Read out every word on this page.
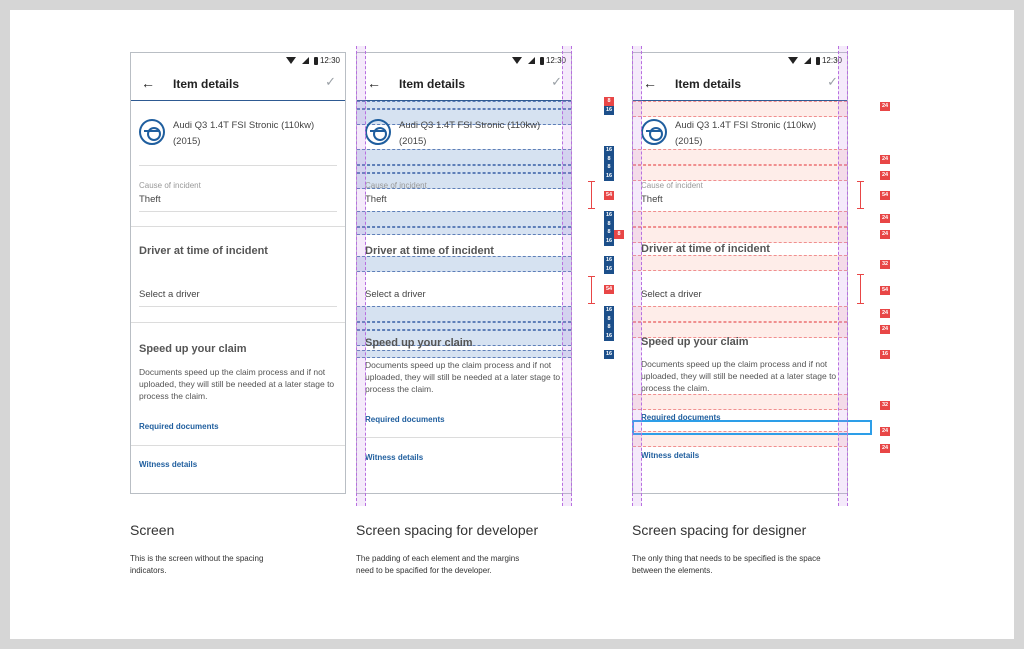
12:30
← Item details	✓
Audi Q3 1.4T FSI Stronic (110kw) (2015)
Cause of incident
Theft
Driver at time of incident
Select a driver
Speed up your claim
Documents speed up the claim process and if not uploaded, they will still be needed at a later stage to process the claim.
Required documents
Witness details
12:30
← Item details	✓
Audi Q3 1.4T FSI Stronic (110kw) (2015)
Cause of incident
Theft
Driver at time of incident
Select a driver
Speed up your claim
Documents speed up the claim process and if not uploaded, they will still be needed at a later stage to process the claim.
Required documents
Witness details
8
16
16
8
8
16
54
16
8
8
16
8
16
16
54
16
8
8
16
16
12:30
← Item details	✓
Audi Q3 1.4T FSI Stronic (110kw) (2015)
Cause of incident
Theft
Driver at time of incident
Select a driver
Speed up your claim
Documents speed up the claim process and if not uploaded, they will still be needed at a later stage to process the claim.
Required documents
Witness details
24
24
24
54
24
24
32
54
24
24
16
32
24
24
Screen
This is the screen without the spacing indicators.
Screen spacing for developer
The padding of each element and the margins need to be spacified for the developer.
Screen spacing for designer
The only thing that needs to be specified is the space between the elements.
